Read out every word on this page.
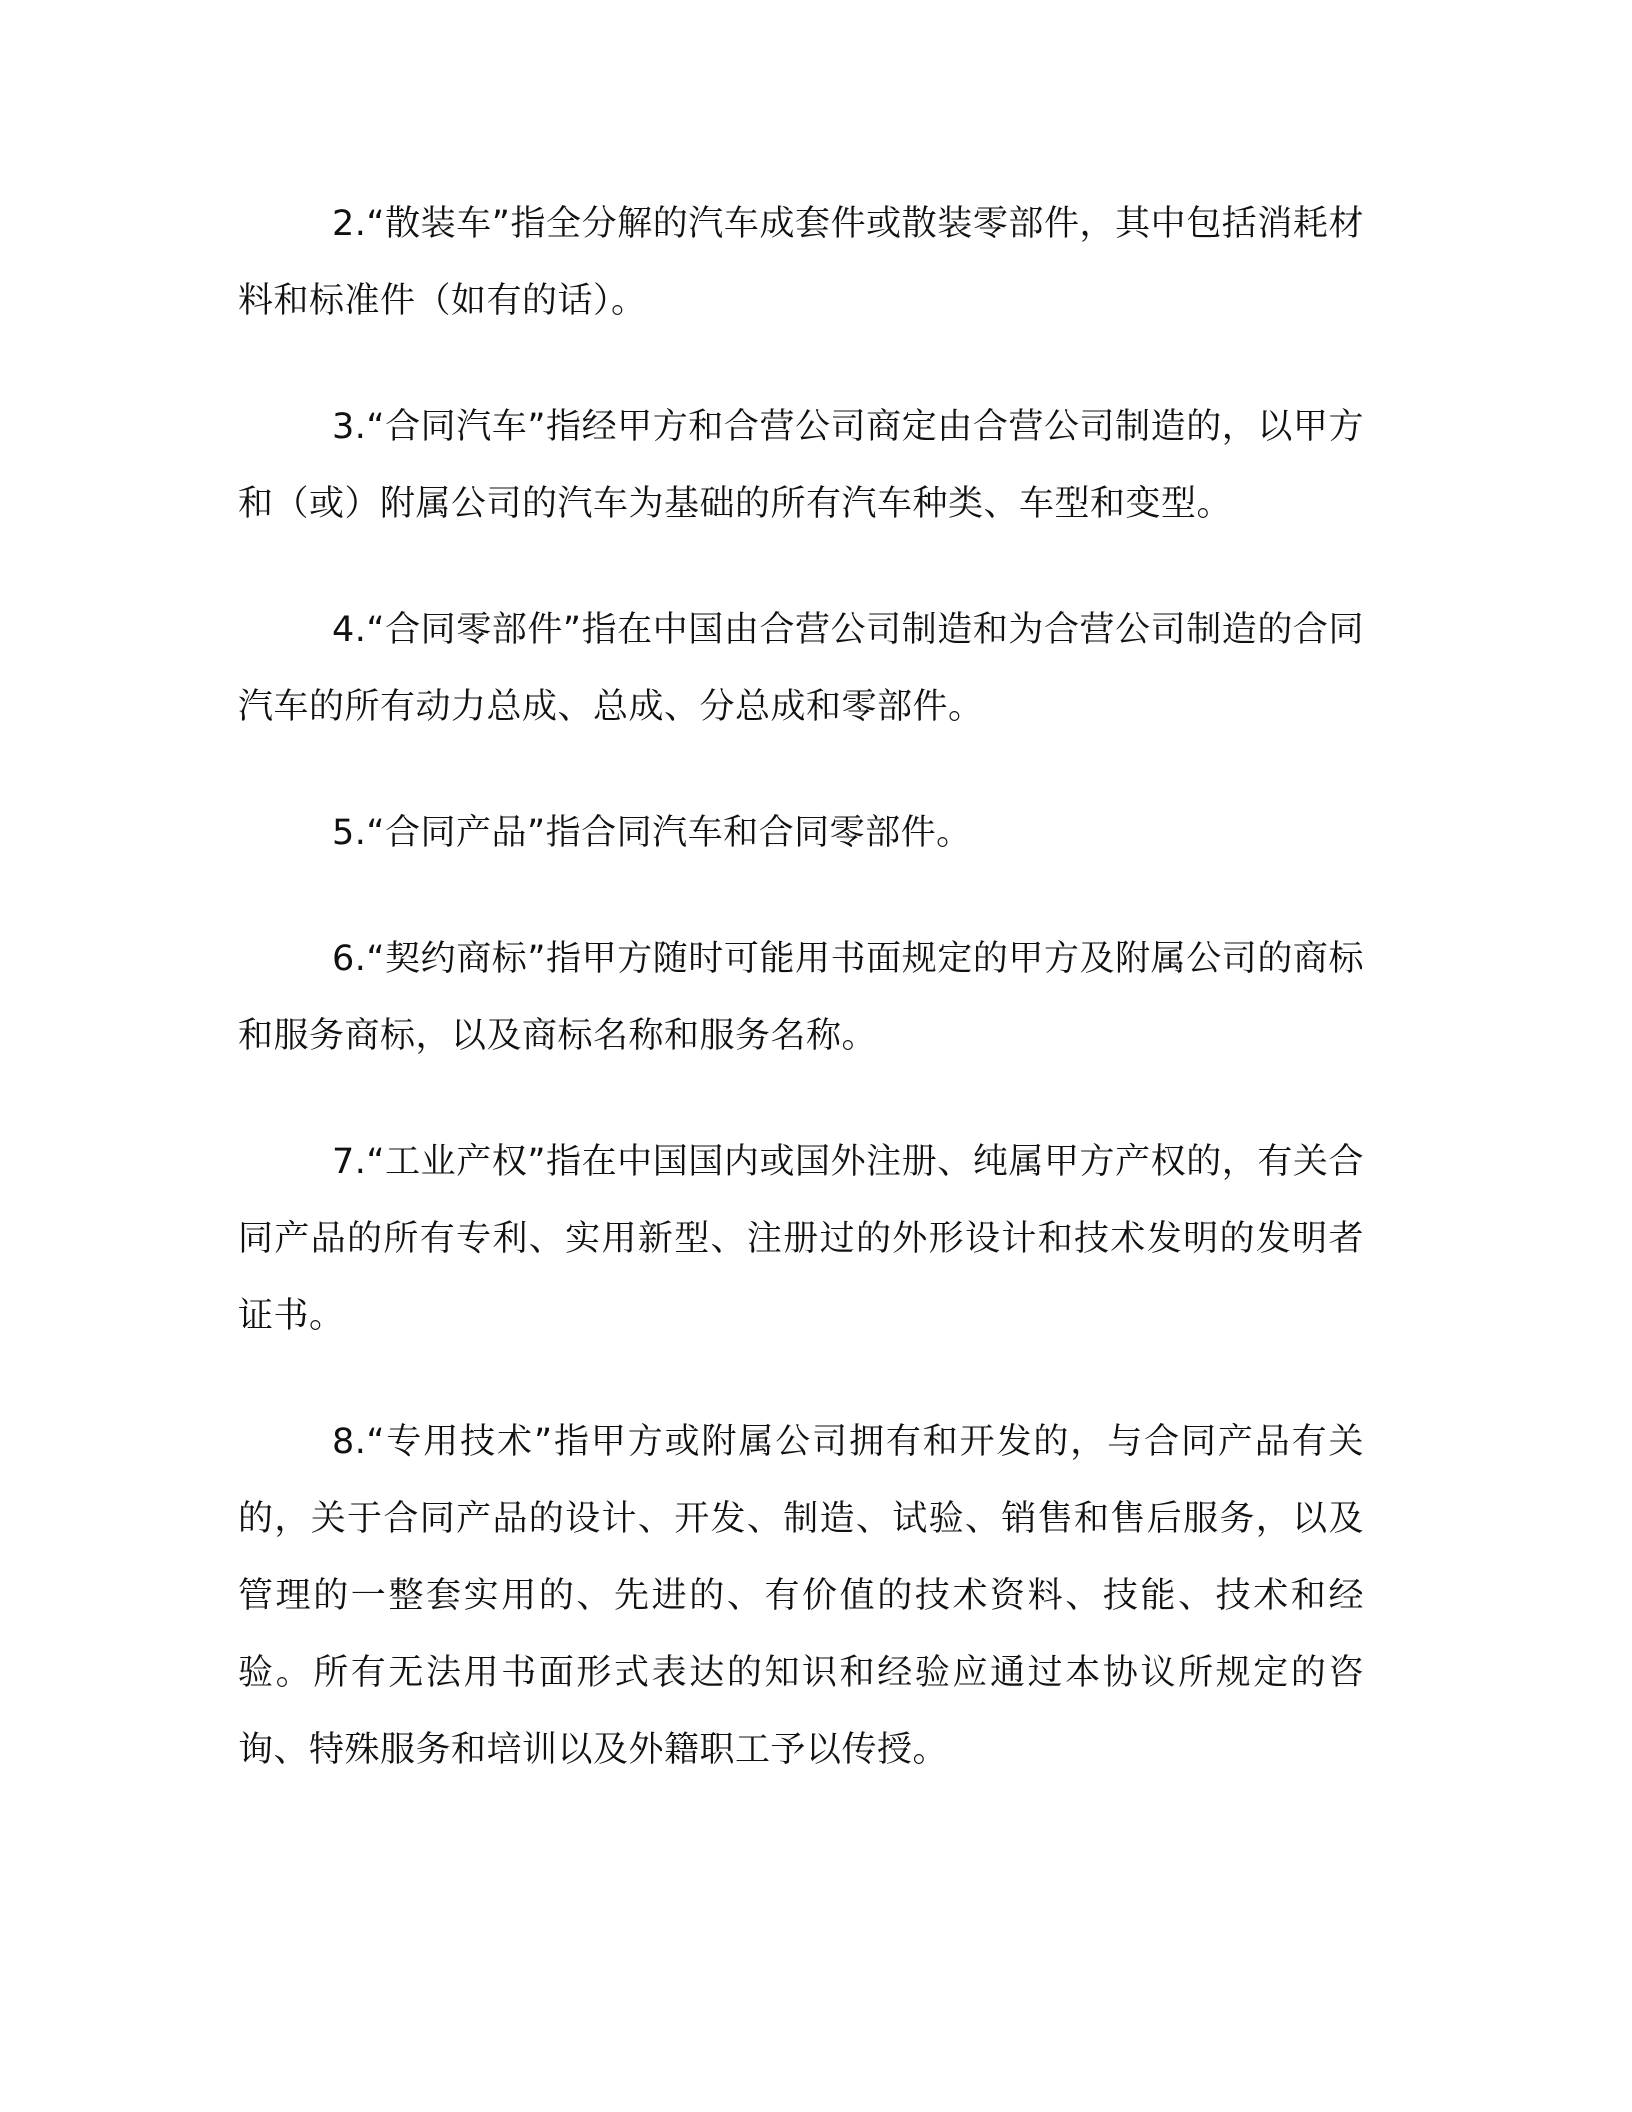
2.“散装车”指全分解的汽车成套件或散装零部件，其中包括消耗材料和标准件（如有的话）。

3.“合同汽车”指经甲方和合营公司商定由合营公司制造的，以甲方和（或）附属公司的汽车为基础的所有汽车种类、车型和变型。

4.“合同零部件”指在中国由合营公司制造和为合营公司制造的合同汽车的所有动力总成、总成、分总成和零部件。

5.“合同产品”指合同汽车和合同零部件。

6.“契约商标”指甲方随时可能用书面规定的甲方及附属公司的商标和服务商标，以及商标名称和服务名称。

7.“工业产权”指在中国国内或国外注册、纯属甲方产权的，有关合同产品的所有专利、实用新型、注册过的外形设计和技术发明的发明者证书。

8.“专用技术”指甲方或附属公司拥有和开发的，与合同产品有关的，关于合同产品的设计、开发、制造、试验、销售和售后服务，以及管理的一整套实用的、先进的、有价值的技术资料、技能、技术和经验。所有无法用书面形式表达的知识和经验应通过本协议所规定的咨询、特殊服务和培训以及外籍职工予以传授。
